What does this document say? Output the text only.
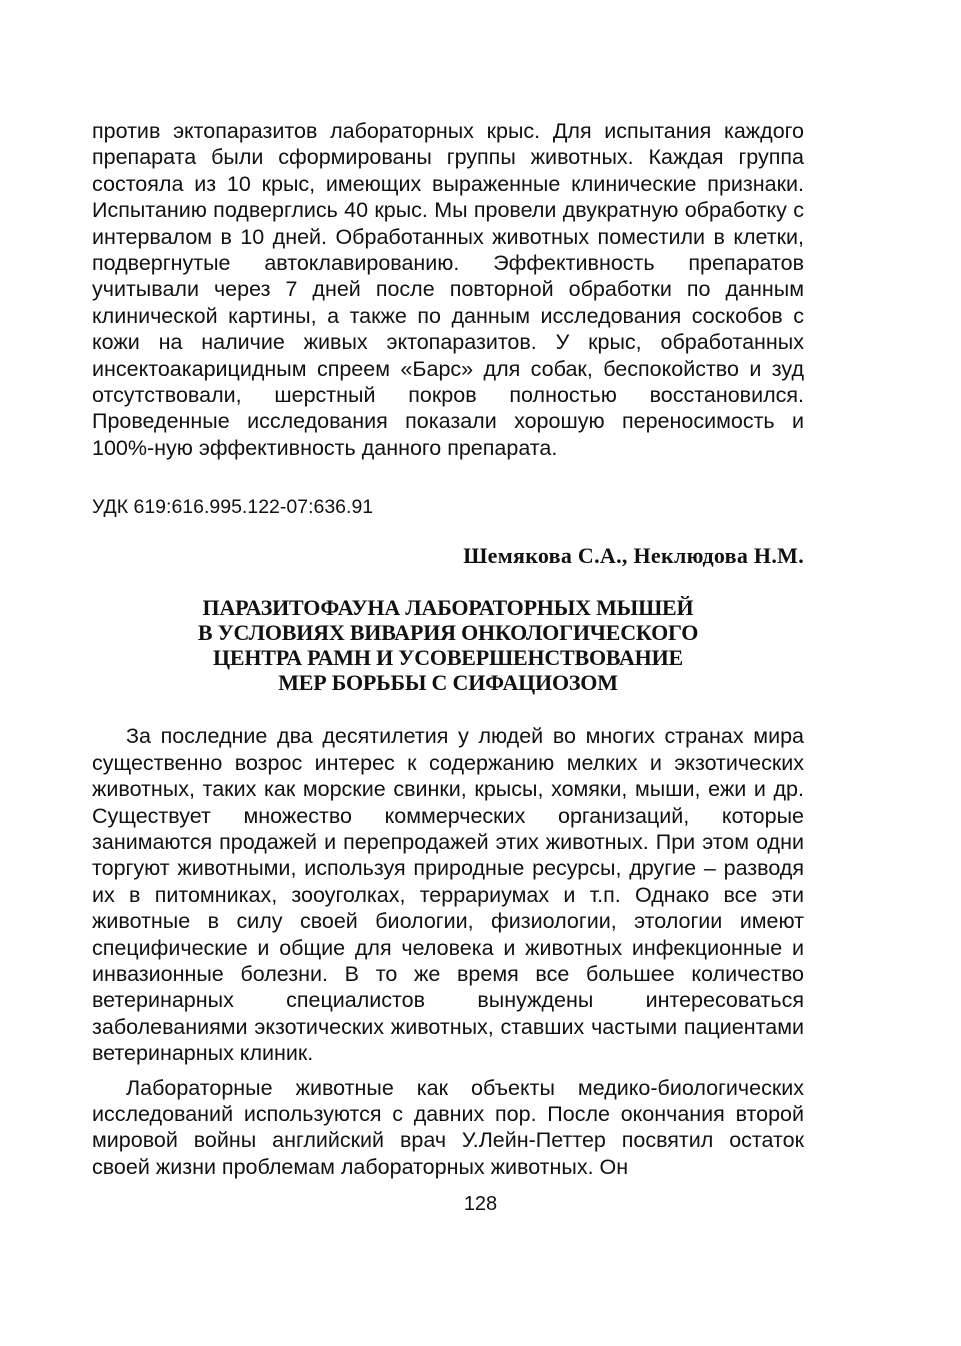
против эктопаразитов лабораторных крыс. Для испытания каждого препарата были сформированы группы животных. Каждая группа состояла из 10 крыс, имеющих выраженные клинические признаки. Испытанию подверглись 40 крыс. Мы провели двукратную обработку с интервалом в 10 дней. Обработанных животных поместили в клетки, подвергнутые автоклавированию. Эффективность препаратов учитывали через 7 дней после повторной обработки по данным клинической картины, а также по данным исследования соскобов с кожи на наличие живых эктопаразитов. У крыс, обработанных инсектоакарицидным спреем «Барс» для собак, беспокойство и зуд отсутствовали, шерстный покров полностью восстановился. Проведенные исследования показали хорошую переносимость и 100%-ную эффективность данного препарата.

УДК 619:616.995.122-07:636.91

Шемякова С.А., Неклюдова Н.М.

ПАРАЗИТОФАУНА ЛАБОРАТОРНЫХ МЫШЕЙ
В УСЛОВИЯХ ВИВАРИЯ ОНКОЛОГИЧЕСКОГО
ЦЕНТРА РАМН И УСОВЕРШЕНСТВОВАНИЕ
МЕР БОРЬБЫ С СИФАЦИОЗОМ

За последние два десятилетия у людей во многих странах мира существенно возрос интерес к содержанию мелких и экзотических животных, таких как морские свинки, крысы, хомяки, мыши, ежи и др. Существует множество коммерческих организаций, которые занимаются продажей и перепродажей этих животных. При этом одни торгуют животными, используя природные ресурсы, другие – разводя их в питомниках, зооуголках, террариумах и т.п. Однако все эти животные в силу своей биологии, физиологии, этологии имеют специфические и общие для человека и животных инфекционные и инвазионные болезни. В то же время все большее количество ветеринарных специалистов вынуждены интересоваться заболеваниями экзотических животных, ставших частыми пациентами ветеринарных клиник.

Лабораторные животные как объекты медико-биологических исследований используются с давних пор. После окончания второй мировой войны английский врач У.Лейн-Петтер посвятил остаток своей жизни проблемам лабораторных животных. Он

128
